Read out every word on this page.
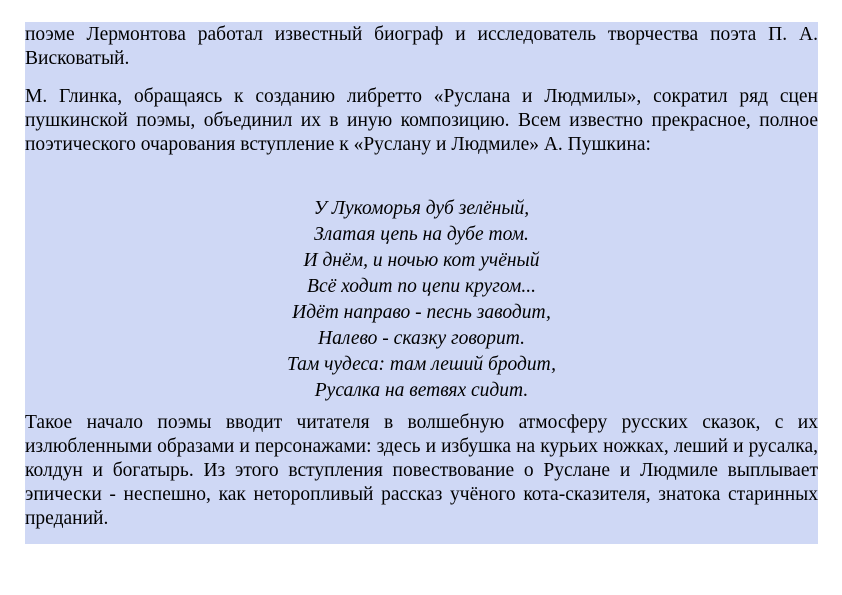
поэме Лермонтова работал известный биограф и исследователь творчества поэта П. А. Висковатый.

М. Глинка, обращаясь к созданию либретто «Руслана и Людмилы», сократил ряд сцен пушкинской поэмы, объединил их в иную композицию. Всем известно прекрасное, полное поэтического очарования вступление к «Руслану и Людмиле» А. Пушкина:

У Лукоморья дуб зелёный,
Златая цепь на дубе том.
И днём, и ночью кот учёный
Всё ходит по цепи кругом...
Идёт направо - песнь заводит,
Налево - сказку говорит.
Там чудеса: там леший бродит,
Русалка на ветвях сидит.

Такое начало поэмы вводит читателя в волшебную атмосферу русских сказок, с их излюбленными образами и персонажами: здесь и избушка на курьих ножках, леший и русалка, колдун и богатырь. Из этого вступления повествование о Руслане и Людмиле выплывает эпически - неспешно, как неторопливый рассказ учёного кота-сказителя, знатока старинных преданий.
